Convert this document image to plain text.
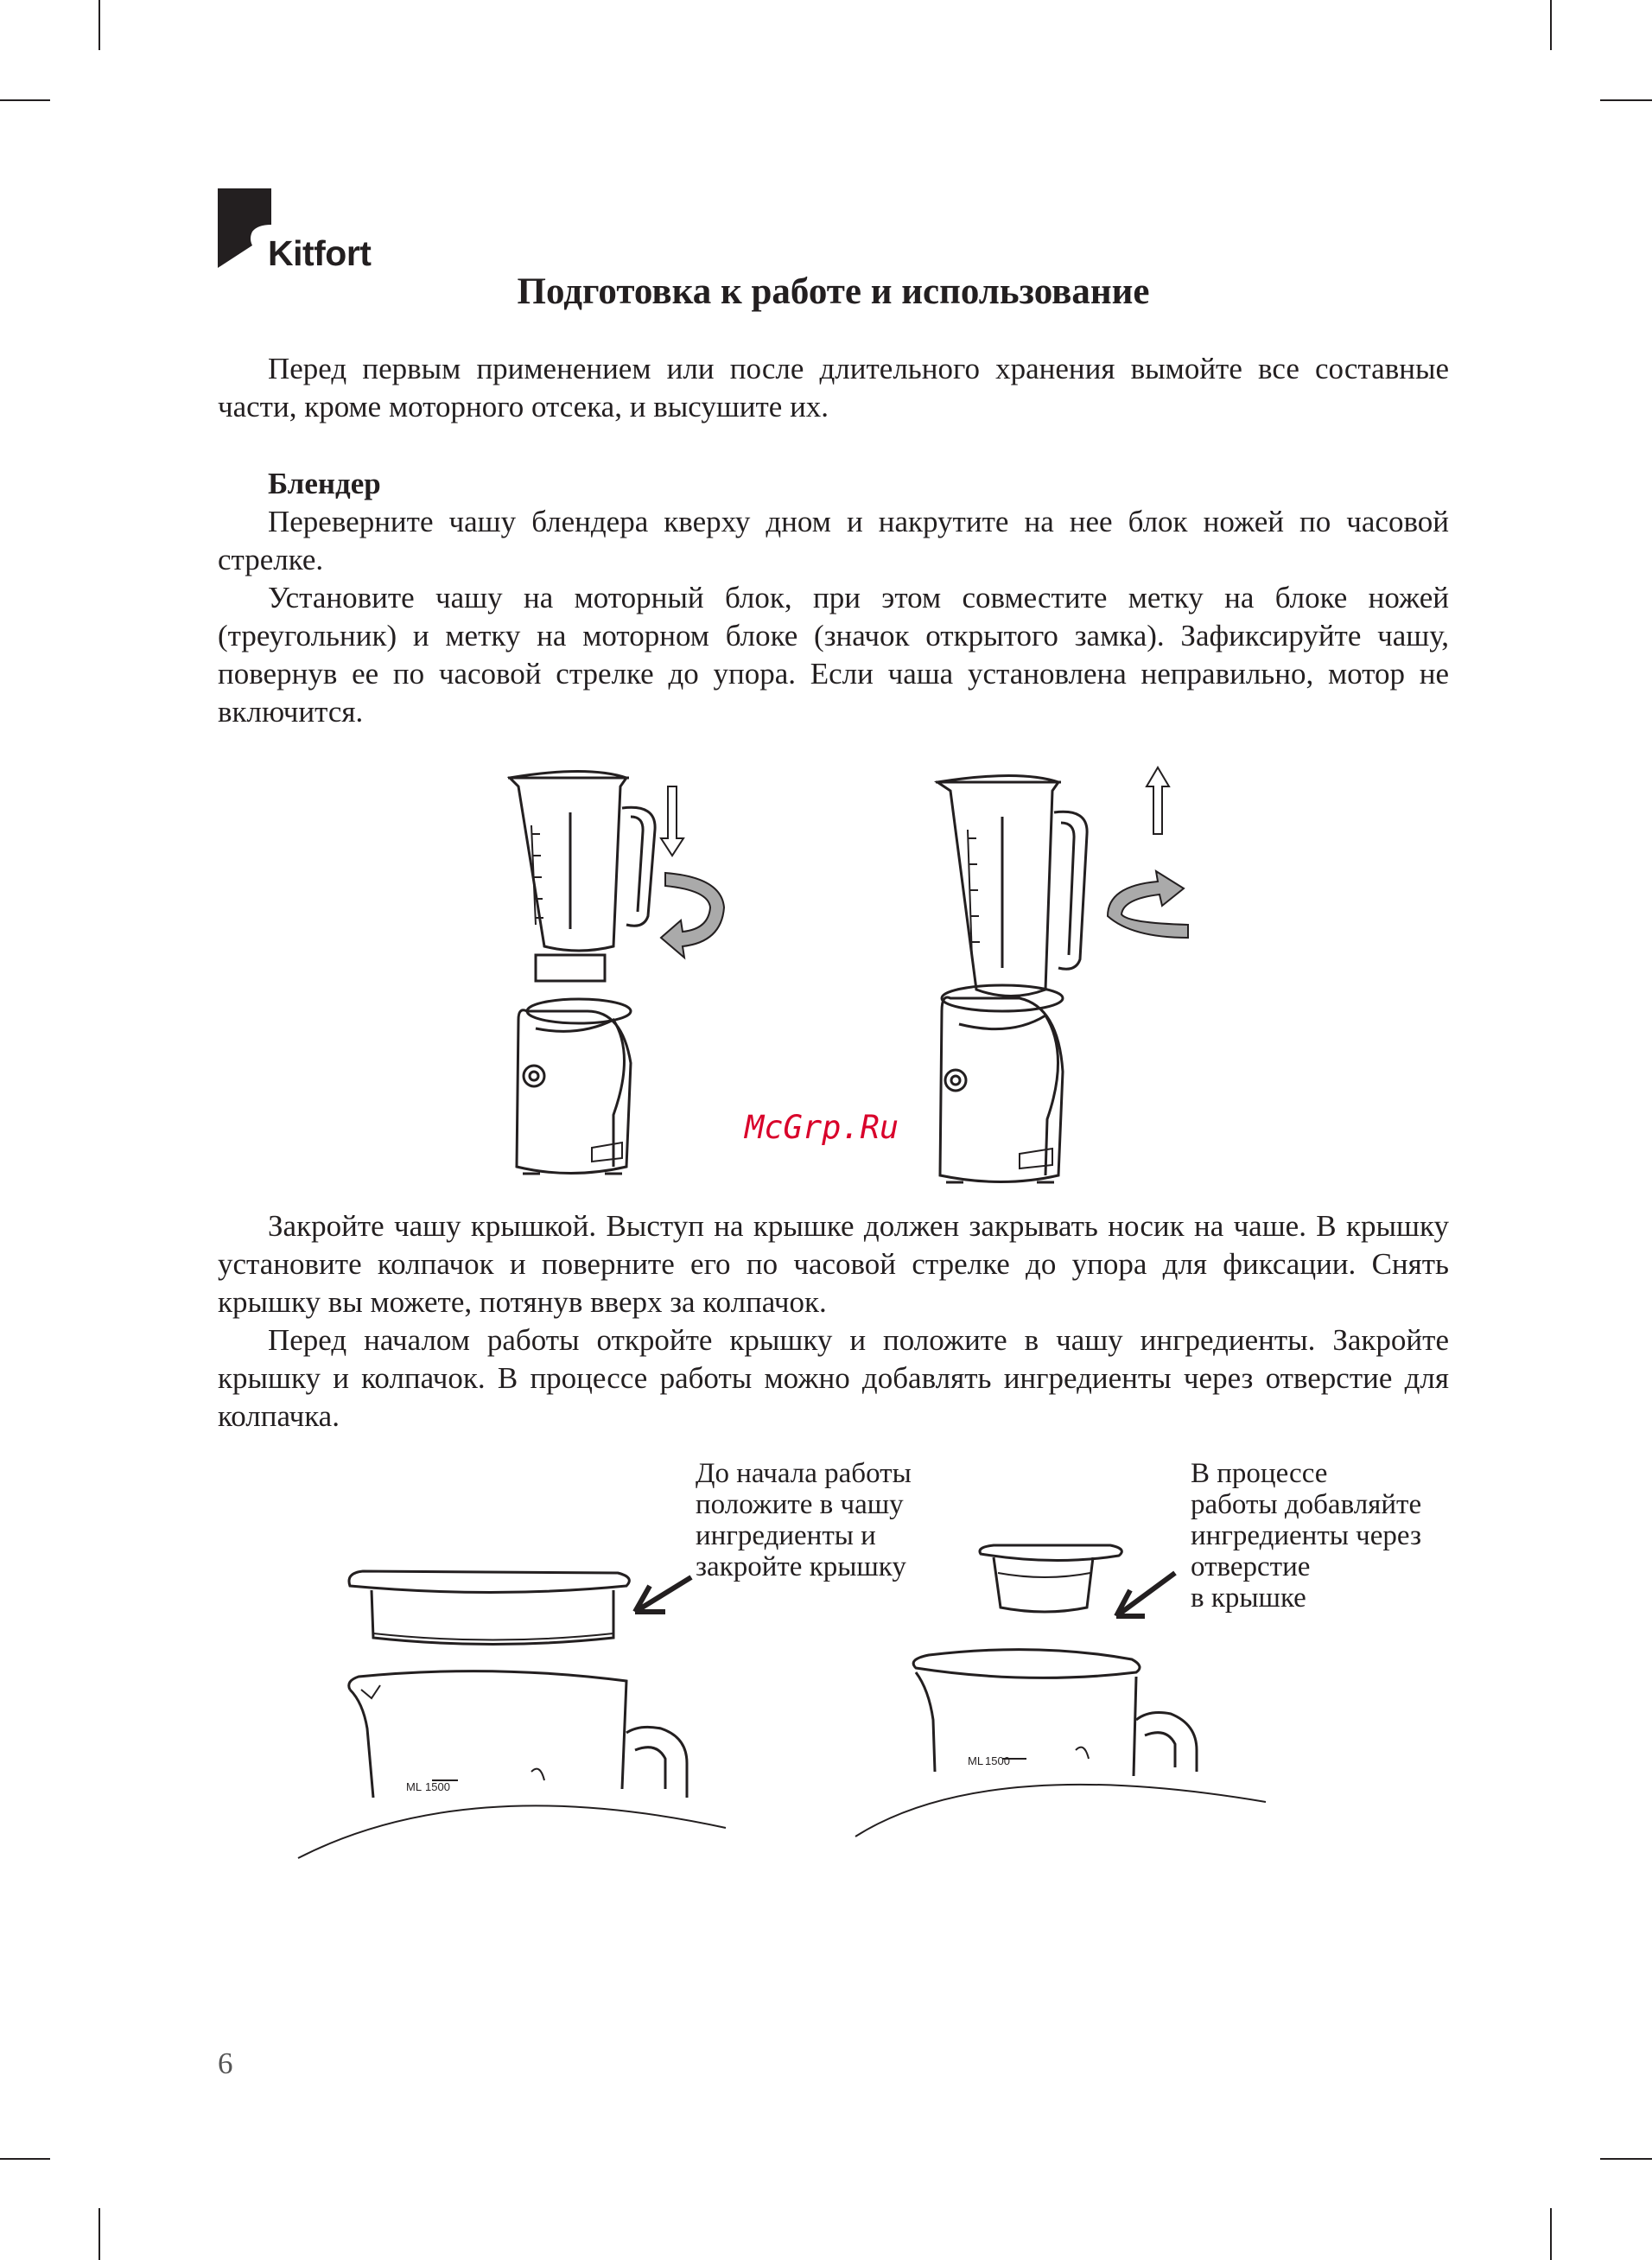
Kitfort
Подготовка к работе и использование

Перед первым применением или после длительного хранения вымойте все составные части, кроме моторного отсека, и высушите их.

Блендер

Переверните чашу блендера кверху дном и накрутите на нее блок ножей по часовой стрелке.

Установите чашу на моторный блок, при этом совместите метку на блоке ножей (треугольник) и метку на моторном блоке (значок открытого замка). Зафиксируйте чашу, повернув ее по часовой стрелке до упора. Если чаша установлена неправильно, мотор не включится.

McGrp.Ru

Закройте чашу крышкой. Выступ на крышке должен закрывать носик на чаше. В крышку установите колпачок и поверните его по часовой стрелке до упора для фиксации. Снять крышку вы можете, потянув вверх за колпачок.

Перед началом работы откройте крышку и положите в чашу ингредиенты. Закройте крышку и колпачок. В процессе работы можно добавлять ингредиенты через отверстие для колпачка.

До начала работы
положите в чашу
ингредиенты и
закройте крышку
В процессе
работы добавляйте
ингредиенты через
отверстие
в крышке
ML 1500
ML 1500
6
